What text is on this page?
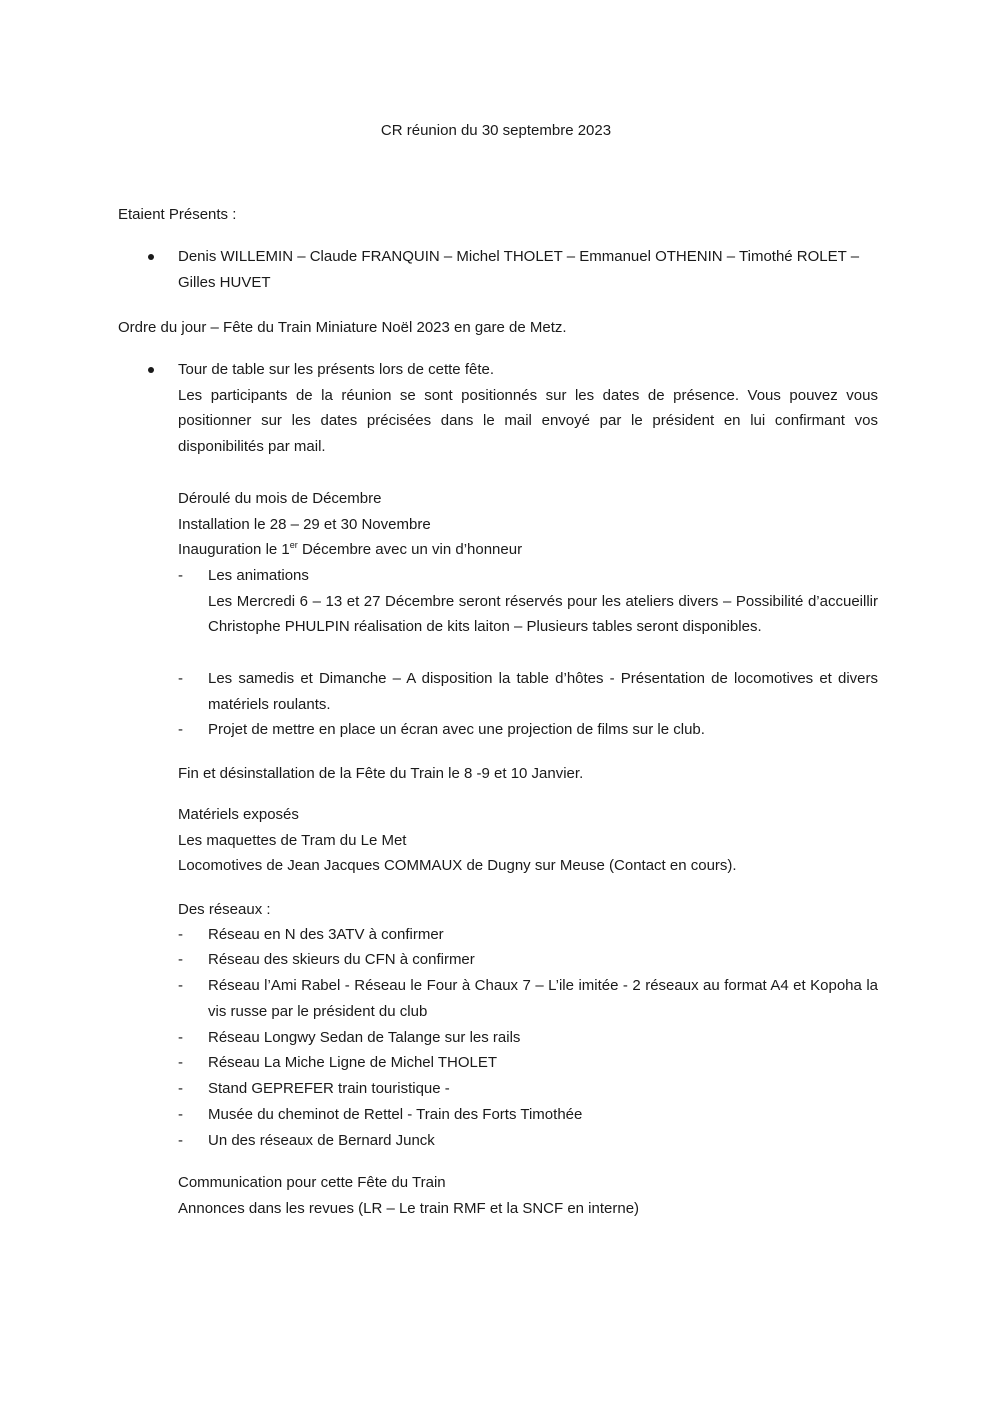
CR réunion du 30 septembre 2023
Etaient Présents :
Denis WILLEMIN – Claude FRANQUIN – Michel THOLET – Emmanuel OTHENIN – Timothé ROLET – Gilles HUVET
Ordre du jour – Fête du Train Miniature Noël 2023 en gare de Metz.
Tour de table sur les présents lors de cette fête.
Les participants de la réunion se sont positionnés sur les dates de présence. Vous pouvez vous positionner sur les dates précisées dans le mail envoyé par le président en lui confirmant vos disponibilités par mail.
Déroulé du mois de Décembre
Installation le 28 – 29 et 30 Novembre
Inauguration le 1er Décembre avec un vin d’honneur
- Les animations
Les Mercredi 6 – 13 et 27 Décembre seront réservés pour les ateliers divers – Possibilité d’accueillir Christophe PHULPIN réalisation de kits laiton – Plusieurs tables seront disponibles.
- Les samedis et Dimanche – A disposition la table d’hôtes - Présentation de locomotives et divers matériels roulants.
- Projet de mettre en place un écran avec une projection de films sur le club.
Fin et désinstallation de la Fête du Train le 8 -9 et 10 Janvier.
Matériels exposés
Les maquettes de Tram du Le Met
Locomotives de Jean Jacques COMMAUX de Dugny sur Meuse (Contact en cours).
Des réseaux :
- Réseau en N des 3ATV à confirmer
- Réseau des skieurs du CFN à confirmer
- Réseau l’Ami Rabel - Réseau le Four à Chaux 7 – L’ile imitée - 2 réseaux au format A4 et Kopoha la vis russe par le président du club
- Réseau Longwy Sedan de Talange sur les rails
- Réseau La Miche Ligne de Michel THOLET
- Stand GEPREFER train touristique -
- Musée du cheminot de Rettel - Train des Forts Timothée
- Un des réseaux de Bernard Junck
Communication pour cette Fête du Train
Annonces dans les revues (LR – Le train RMF et la SNCF en interne)
